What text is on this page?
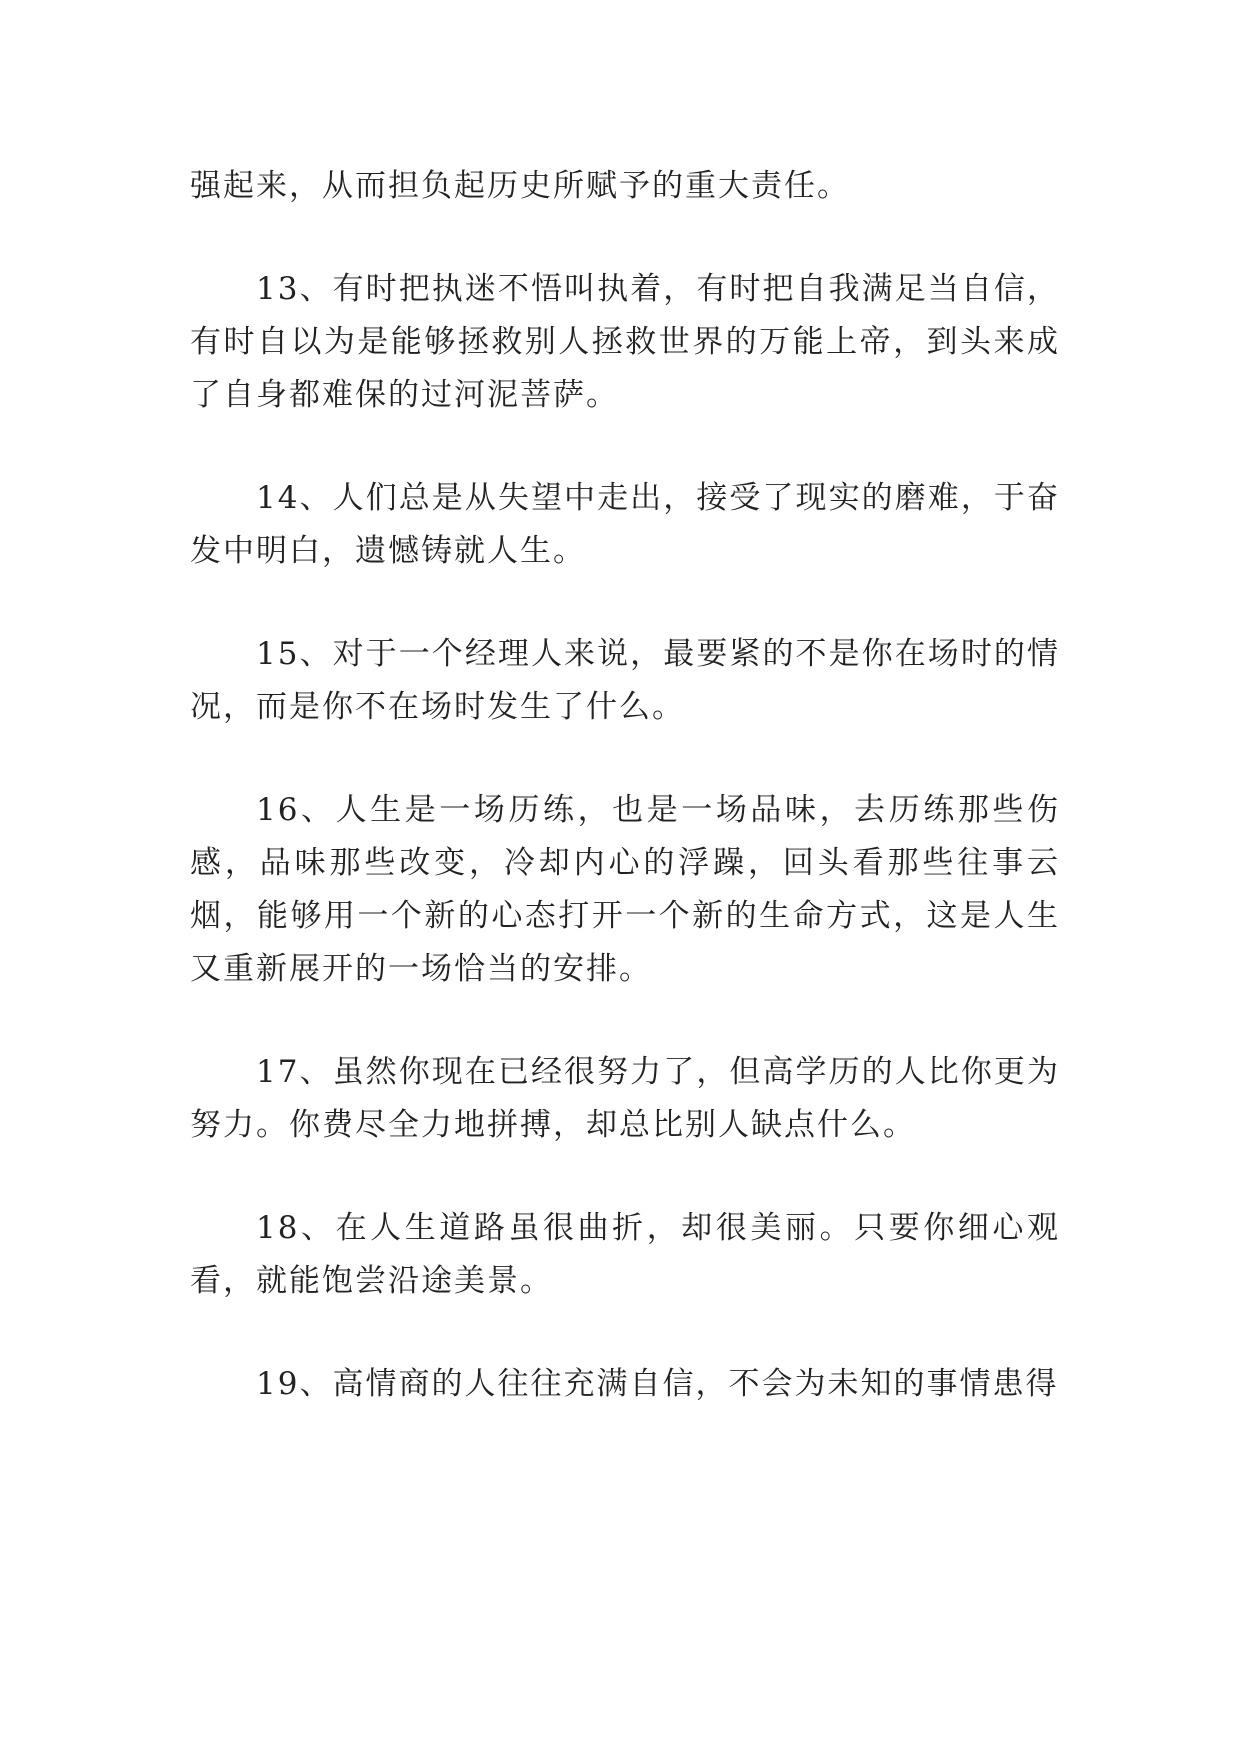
强起来，从而担负起历史所赋予的重大责任。

13、有时把执迷不悟叫执着，有时把自我满足当自信，有时自以为是能够拯救别人拯救世界的万能上帝，到头来成了自身都难保的过河泥菩萨。

14、人们总是从失望中走出，接受了现实的磨难，于奋发中明白，遗憾铸就人生。

15、对于一个经理人来说，最要紧的不是你在场时的情况，而是你不在场时发生了什么。

16、人生是一场历练，也是一场品味，去历练那些伤感，品味那些改变，冷却内心的浮躁，回头看那些往事云烟，能够用一个新的心态打开一个新的生命方式，这是人生又重新展开的一场恰当的安排。

17、虽然你现在已经很努力了，但高学历的人比你更为努力。你费尽全力地拼搏，却总比别人缺点什么。

18、在人生道路虽很曲折，却很美丽。只要你细心观看，就能饱尝沿途美景。

19、高情商的人往往充满自信，不会为未知的事情患得
